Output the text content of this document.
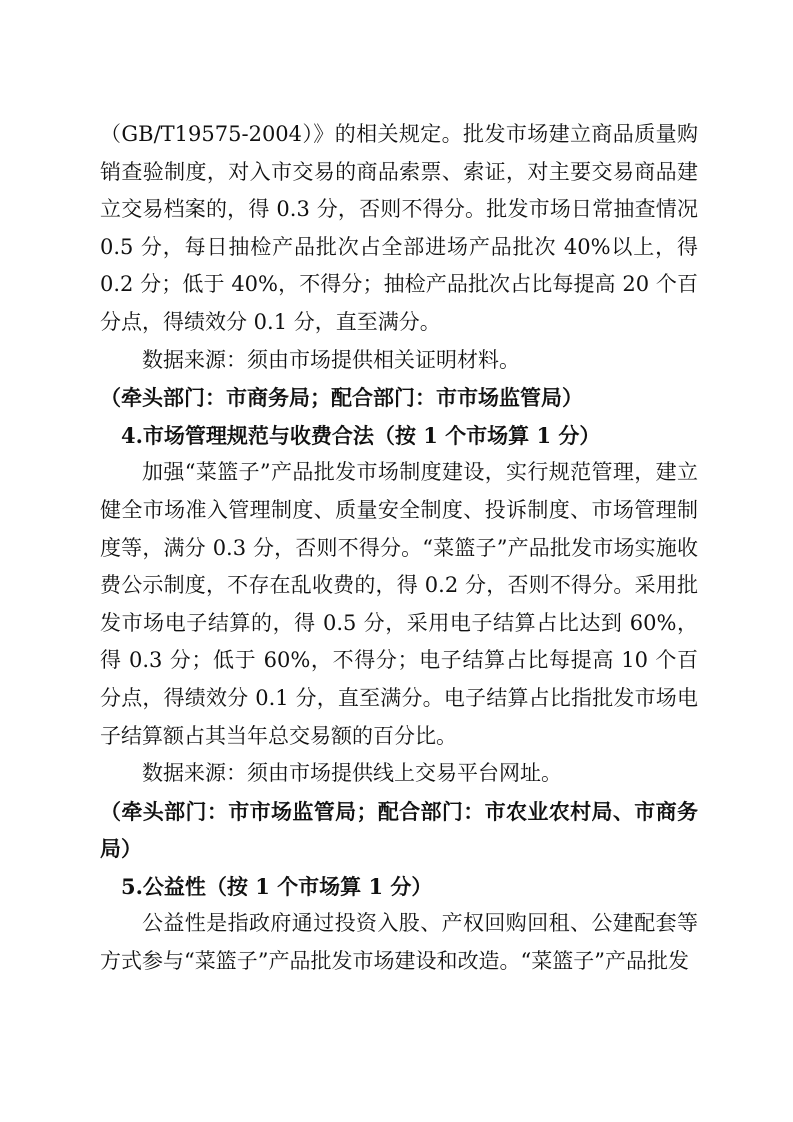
（GB/T19575-2004）》的相关规定。批发市场建立商品质量购销查验制度，对入市交易的商品索票、索证，对主要交易商品建立交易档案的，得 0.3 分，否则不得分。批发市场日常抽查情况 0.5 分，每日抽检产品批次占全部进场产品批次 40%以上，得 0.2 分；低于 40%，不得分；抽检产品批次占比每提高 20 个百分点，得绩效分 0.1 分，直至满分。

数据来源：须由市场提供相关证明材料。

（牵头部门：市商务局；配合部门：市市场监管局）

4.市场管理规范与收费合法（按 1 个市场算 1 分）

加强“菜篮子”产品批发市场制度建设，实行规范管理，建立健全市场准入管理制度、质量安全制度、投诉制度、市场管理制度等，满分 0.3 分，否则不得分。“菜篮子”产品批发市场实施收费公示制度，不存在乱收费的，得 0.2 分，否则不得分。采用批发市场电子结算的，得 0.5 分，采用电子结算占比达到 60%，得 0.3 分；低于 60%，不得分；电子结算占比每提高 10 个百分点，得绩效分 0.1 分，直至满分。电子结算占比指批发市场电子结算额占其当年总交易额的百分比。

数据来源：须由市场提供线上交易平台网址。

（牵头部门：市市场监管局；配合部门：市农业农村局、市商务局）

5.公益性（按 1 个市场算 1 分）

公益性是指政府通过投资入股、产权回购回租、公建配套等方式参与“菜篮子”产品批发市场建设和改造。“菜篮子”产品批发
